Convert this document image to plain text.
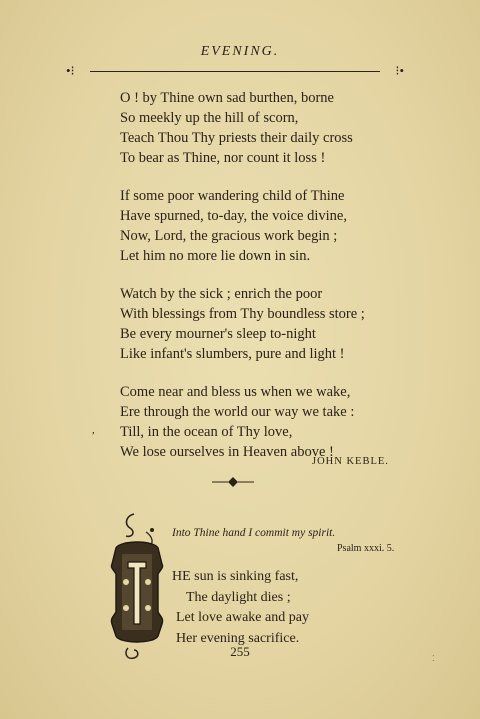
EVENING.
•⁝	⁝•
O ! by Thine own sad burthen, borne
So meekly up the hill of scorn,
Teach Thou Thy priests their daily cross
To bear as Thine, nor count it loss !
If some poor wandering child of Thine
Have spurned, to-day, the voice divine,
Now, Lord, the gracious work begin ;
Let him no more lie down in sin.
Watch by the sick ; enrich the poor
With blessings from Thy boundless store ;
Be every mourner's sleep to-night
Like infant's slumbers, pure and light !
Come near and bless us when we wake,
Ere through the world our way we take :
Till, in the ocean of Thy love,
We lose ourselves in Heaven above !
,
JOHN KEBLE.
Into Thine hand I commit my spirit.
Psalm xxxi. 5.
HE sun is sinking fast,
The daylight dies ;
Let love awake and pay
Her evening sacrifice.
255	⁚
